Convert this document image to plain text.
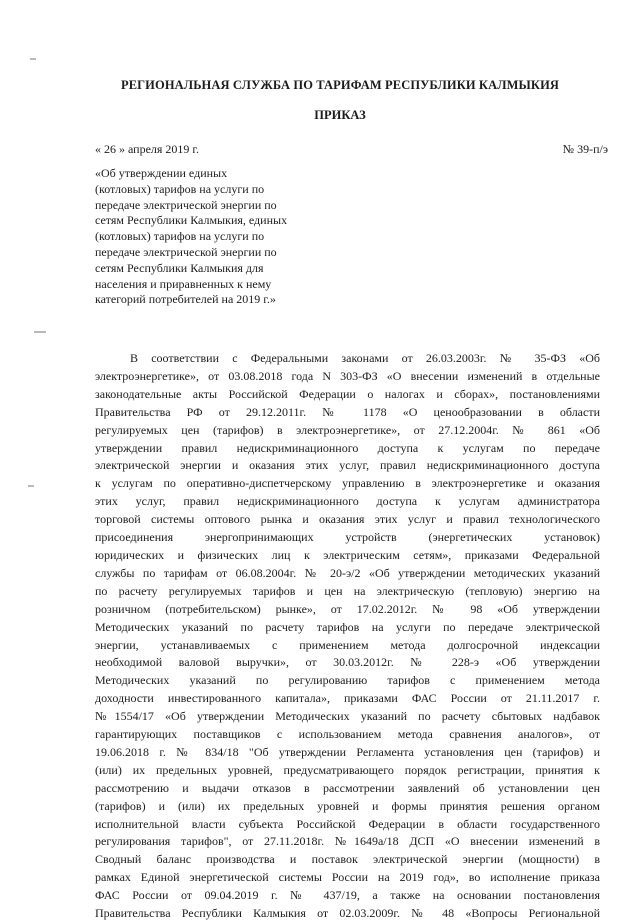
РЕГИОНАЛЬНАЯ СЛУЖБА ПО ТАРИФАМ РЕСПУБЛИКИ КАЛМЫКИЯ
ПРИКАЗ
« 26 » апреля 2019 г.	№ 39-п/э
«Об утверждении единых
(котловых) тарифов на услуги по
передаче электрической энергии по
сетям Республики Калмыкия, единых
(котловых) тарифов на услуги по
передаче электрической энергии по
сетям Республики Калмыкия для
населения и приравненных к нему
категорий потребителей на 2019 г.»
В соответствии с Федеральными законами от 26.03.2003г. № 35-ФЗ «Об
электроэнергетике», от 03.08.2018 года N 303-ФЗ «О внесении изменений в отдельные
законодательные акты Российской Федерации о налогах и сборах», постановлениями
Правительства РФ от 29.12.2011г. № 1178 «О ценообразовании в области
регулируемых цен (тарифов) в электроэнергетике», от 27.12.2004г. № 861 «Об
утверждении правил недискриминационного доступа к услугам по передаче
электрической энергии и оказания этих услуг, правил недискриминационного доступа
к услугам по оперативно-диспетчерскому управлению в электроэнергетике и оказания
этих услуг, правил недискриминационного доступа к услугам администратора
торговой системы оптового рынка и оказания этих услуг и правил технологического
присоединения энергопринимающих устройств (энергетических установок)
юридических и физических лиц к электрическим сетям», приказами Федеральной
службы по тарифам от 06.08.2004г. № 20-э/2 «Об утверждении методических указаний
по расчету регулируемых тарифов и цен на электрическую (тепловую) энергию на
розничном (потребительском) рынке», от 17.02.2012г. № 98 «Об утверждении
Методических указаний по расчету тарифов на услуги по передаче электрической
энергии, устанавливаемых с применением метода долгосрочной индексации
необходимой валовой выручки», от 30.03.2012г. № 228-э «Об утверждении
Методических указаний по регулированию тарифов с применением метода
доходности инвестированного капитала», приказами ФАС России от 21.11.2017 г.
№1554/17 «Об утверждении Методических указаний по расчету сбытовых надбавок
гарантирующих поставщиков с использованием метода сравнения аналогов», от
19.06.2018 г. № 834/18 "Об утверждении Регламента установления цен (тарифов) и
(или) их предельных уровней, предусматривающего порядок регистрации, принятия к
рассмотрению и выдачи отказов в рассмотрении заявлений об установлении цен
(тарифов) и (или) их предельных уровней и формы принятия решения органом
исполнительной власти субъекта Российской Федерации в области государственного
регулирования тарифов", от 27.11.2018г. №1649а/18 ДСП «О внесении изменений в
Сводный баланс производства и поставок электрической энергии (мощности) в
рамках Единой энергетической системы России на 2019 год», во исполнение приказа
ФАС России от 09.04.2019 г. № 437/19, а также на основании постановления
Правительства Республики Калмыкия от 02.03.2009г. № 48 «Вопросы Региональной
